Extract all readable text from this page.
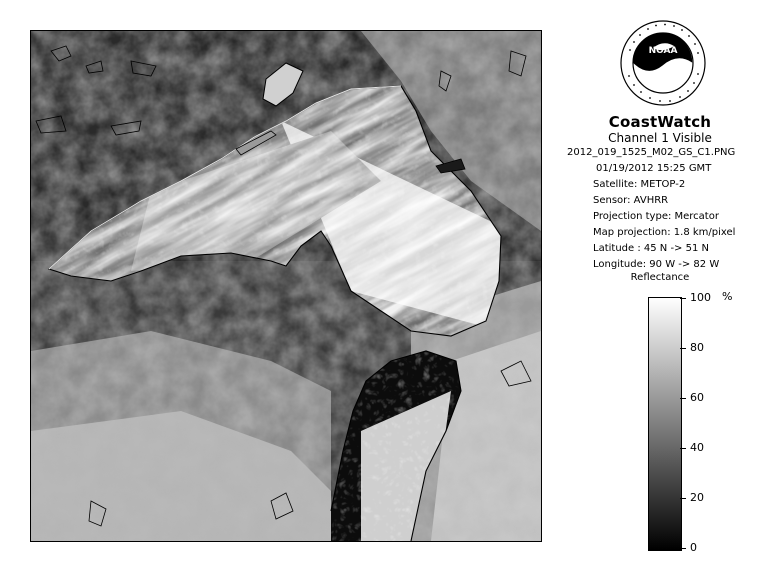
NOAA
CoastWatch
Channel 1 Visible
2012_019_1525_M02_GS_C1.PNG
01/19/2012 15:25 GMT
Satellite: METOP-2
Sensor: AVHRR
Projection type: Mercator
Map projection: 1.8 km/pixel
Latitude : 45 N -> 51 N
Longitude: 90 W -> 82 W
Reflectance
%
100
80
60
40
20
0
